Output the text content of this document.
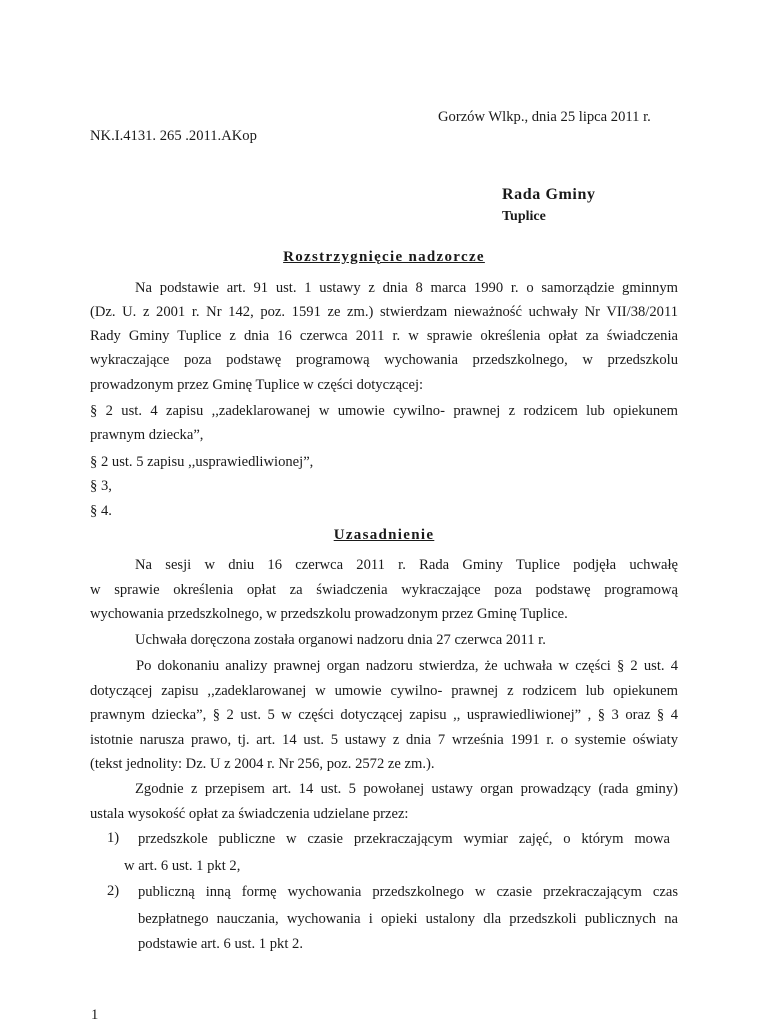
Gorzów Wlkp., dnia 25 lipca 2011 r.
NK.I.4131. 265 .2011.AKop
Rada Gminy
Tuplice
Rozstrzygnięcie nadzorcze
Na podstawie art. 91 ust. 1 ustawy z dnia 8 marca 1990 r. o samorządzie gminnym
(Dz. U. z 2001 r. Nr 142, poz. 1591 ze zm.) stwierdzam nieważność uchwały Nr VII/38/2011
Rady Gminy Tuplice z dnia 16 czerwca 2011 r. w sprawie określenia opłat za świadczenia
wykraczające poza podstawę programową wychowania przedszkolnego, w przedszkolu
prowadzonym przez Gminę Tuplice w części dotyczącej:
§ 2 ust. 4 zapisu ,,zadeklarowanej w umowie cywilno- prawnej z rodzicem lub opiekunem
prawnym dziecka”,
§ 2 ust. 5 zapisu ,,usprawiedliwionej”,
§ 3,
§ 4.
Uzasadnienie
Na sesji w dniu 16 czerwca 2011 r. Rada Gminy Tuplice podjęła uchwałę
w sprawie określenia opłat za świadczenia wykraczające poza podstawę programową
wychowania przedszkolnego, w przedszkolu prowadzonym przez Gminę Tuplice.
Uchwała doręczona została organowi nadzoru dnia 27 czerwca 2011 r.
Po dokonaniu analizy prawnej organ nadzoru stwierdza, że uchwała w części § 2 ust. 4
dotyczącej zapisu ,,zadeklarowanej w umowie cywilno- prawnej z rodzicem lub opiekunem
prawnym dziecka”, § 2 ust. 5 w części dotyczącej zapisu ,, usprawiedliwionej” , § 3 oraz § 4
istotnie narusza prawo, tj. art. 14 ust. 5 ustawy z dnia 7 września 1991 r. o systemie oświaty
(tekst jednolity: Dz. U z 2004 r. Nr 256, poz. 2572 ze zm.).
Zgodnie z przepisem art. 14 ust. 5 powołanej ustawy organ prowadzący (rada gminy)
ustala wysokość opłat za świadczenia udzielane przez:
1) przedszkole publiczne w czasie przekraczającym wymiar zajęć, o którym mowa
w art. 6 ust. 1 pkt 2,
2) publiczną inną formę wychowania przedszkolnego w czasie przekraczającym czas
bezpłatnego nauczania, wychowania i opieki ustalony dla przedszkoli publicznych na
podstawie art. 6 ust. 1 pkt 2.
1
